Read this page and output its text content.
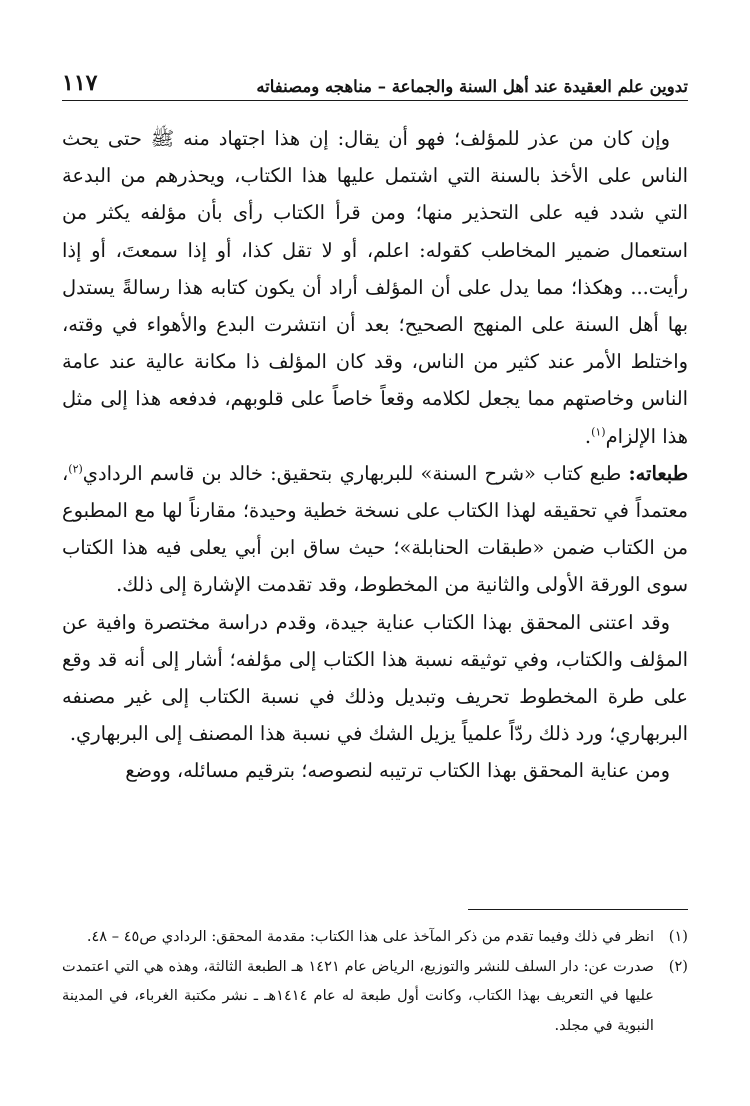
تدوين علم العقيدة عند أهل السنة والجماعة – مناهجه ومصنفاته
١١٧

وإن كان من عذر للمؤلف؛ فهو أن يقال: إن هذا اجتهاد منه ﷺ حتى يحث الناس على الأخذ بالسنة التي اشتمل عليها هذا الكتاب، ويحذرهم من البدعة التي شدد فيه على التحذير منها؛ ومن قرأ الكتاب رأى بأن مؤلفه يكثر من استعمال ضمير المخاطب كقوله: اعلم، أو لا تقل كذا، أو إذا سمعتَ، أو إذا رأيت... وهكذا؛ مما يدل على أن المؤلف أراد أن يكون كتابه هذا رسالةً يستدل بها أهل السنة على المنهج الصحيح؛ بعد أن انتشرت البدع والأهواء في وقته، واختلط الأمر عند كثير من الناس، وقد كان المؤلف ذا مكانة عالية عند عامة الناس وخاصتهم مما يجعل لكلامه وقعاً خاصاً على قلوبهم، فدفعه هذا إلى مثل هذا الإلزام$^{(١)}$.

طبعاته: طبع كتاب «شرح السنة» للبربهاري بتحقيق: خالد بن قاسم الردادي$^{(٢)}$، معتمداً في تحقيقه لهذا الكتاب على نسخة خطية وحيدة؛ مقارناً لها مع المطبوع من الكتاب ضمن «طبقات الحنابلة»؛ حيث ساق ابن أبي يعلى فيه هذا الكتاب سوى الورقة الأولى والثانية من المخطوط، وقد تقدمت الإشارة إلى ذلك.

وقد اعتنى المحقق بهذا الكتاب عناية جيدة، وقدم دراسة مختصرة وافية عن المؤلف والكتاب، وفي توثيقه نسبة هذا الكتاب إلى مؤلفه؛ أشار إلى أنه قد وقع على طرة المخطوط تحريف وتبديل وذلك في نسبة الكتاب إلى غير مصنفه البربهاري؛ ورد ذلك ردّاً علمياً يزيل الشك في نسبة هذا المصنف إلى البربهاري.

ومن عناية المحقق بهذا الكتاب ترتيبه لنصوصه؛ بترقيم مسائله، ووضع

(١)
انظر في ذلك وفيما تقدم من ذكر المآخذ على هذا الكتاب: مقدمة المحقق: الردادي ص٤٥ – ٤٨.
(٢)
صدرت عن: دار السلف للنشر والتوزيع، الرياض عام ١٤٢١ هـ الطبعة الثالثة، وهذه هي التي اعتمدت عليها في التعريف بهذا الكتاب، وكانت أول طبعة له عام ١٤١٤هـ ـ نشر مكتبة الغرباء، في المدينة النبوية في مجلد.
